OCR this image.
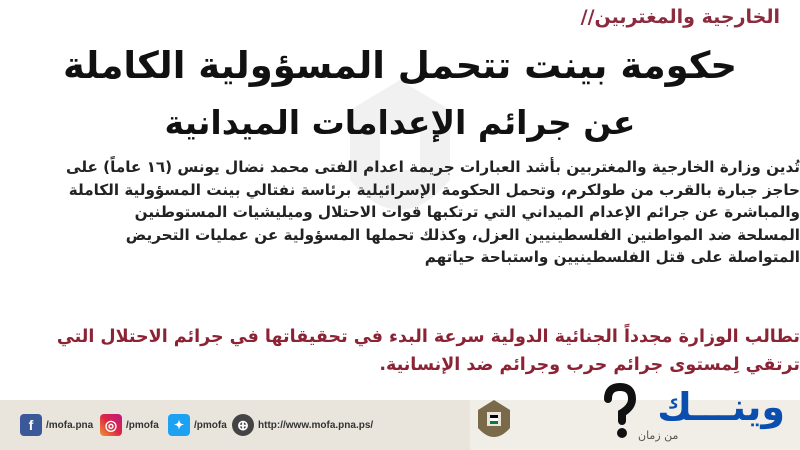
الخارجية والمغتربين//
حكومة بينت تتحمل المسؤولية الكاملة
عن جرائم الإعدامات الميدانية
تُدين وزارة الخارجية والمغتربين بأشد العبارات جريمة اعدام الفتى محمد نضال يونس (١٦ عاماً) على
حاجز جبارة بالقرب من طولكرم، وتحمل الحكومة الإسرائيلية برئاسة نفتالي بينت المسؤولية الكاملة
والمباشرة عن جرائم الإعدام الميداني التي ترتكبها قوات الاحتلال وميليشيات المستوطنين
المسلحة ضد المواطنين الفلسطينيين العزل، وكذلك تحملها المسؤولية عن عمليات التحريض
المتواصلة على قتل الفلسطينيين واستباحة حياتهم
تطالب الوزارة مجدداً الجنائية الدولية سرعة البدء في تحقيقاتها في جرائم الاحتلال التي
ترتقي لِمستوى جرائم حرب وجرائم ضد الإنسانية.
f	/mofa.pna ◎ /pmofa	✦ /pmofa ⊕ http://www.mofa.pna.ps/	وينـــك
من زمان
